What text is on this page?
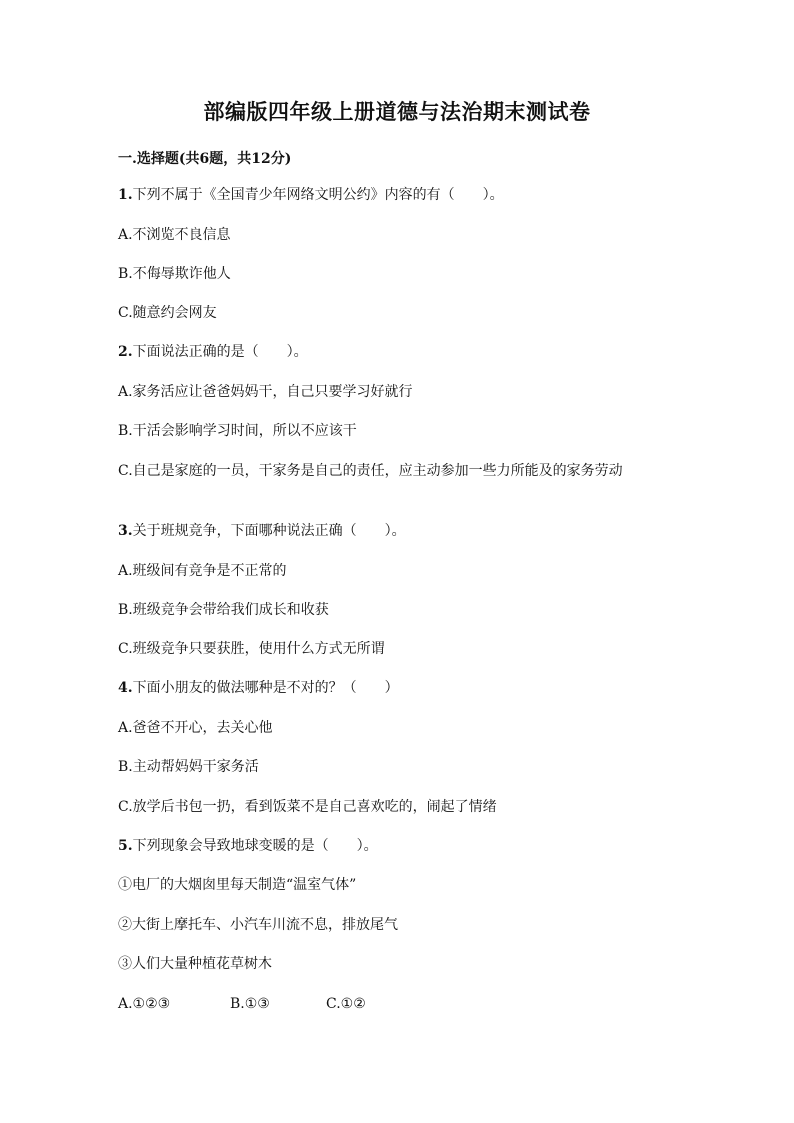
部编版四年级上册道德与法治期末测试卷
一.选择题(共6题，共12分)
1.下列不属于《全国青少年网络文明公约》内容的有（　　）。
A.不浏览不良信息
B.不侮辱欺诈他人
C.随意约会网友
2.下面说法正确的是（　　）。
A.家务活应让爸爸妈妈干，自己只要学习好就行
B.干活会影响学习时间，所以不应该干
C.自己是家庭的一员，干家务是自己的责任，应主动参加一些力所能及的家务劳动
3.关于班规竞争，下面哪种说法正确（　　）。
A.班级间有竞争是不正常的
B.班级竞争会带给我们成长和收获
C.班级竞争只要获胜，使用什么方式无所谓
4.下面小朋友的做法哪种是不对的？（　　）
A.爸爸不开心，去关心他
B.主动帮妈妈干家务活
C.放学后书包一扔，看到饭菜不是自己喜欢吃的，闹起了情绪
5.下列现象会导致地球变暖的是（　　）。
①电厂的大烟囱里每天制造“温室气体”
②大街上摩托车、小汽车川流不息，排放尾气
③人们大量种植花草树木
A.①②③	B.①③	C.①②
